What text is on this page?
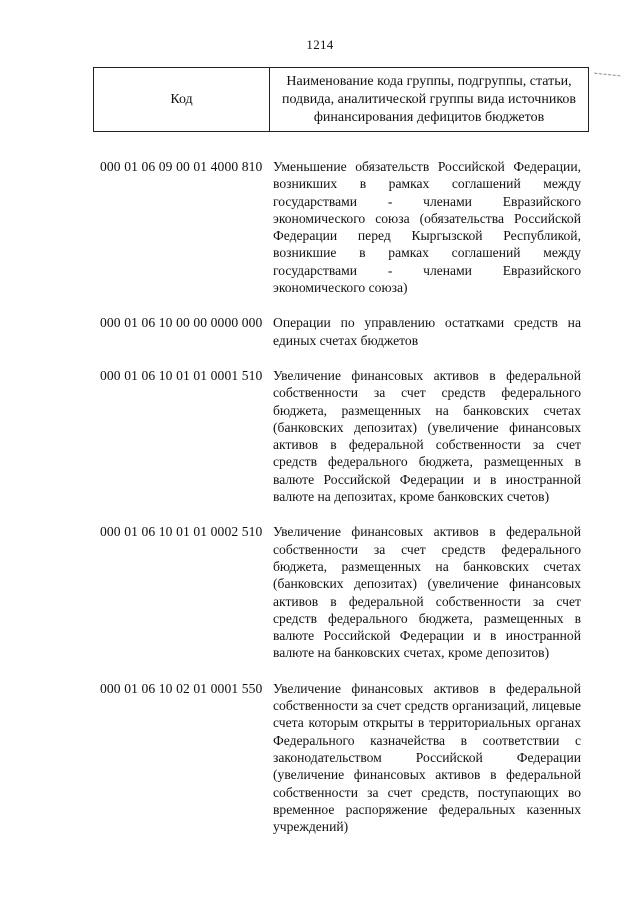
1214
Код	Наименование кода группы, подгруппы, статьи, подвида, аналитической группы вида источников финансирования дефицитов бюджетов
000 01 06 09 00 01 4000 810 Уменьшение обязательств Российской Федерации, возникших в рамках соглашений между государствами - членами Евразийского экономического союза (обязательства Российской Федерации перед Кыргызской Республикой, возникшие в рамках соглашений между государствами - членами Евразийского экономического союза)
000 01 06 10 00 00 0000 000 Операции по управлению остатками средств на единых счетах бюджетов
000 01 06 10 01 01 0001 510 Увеличение финансовых активов в федеральной собственности за счет средств федерального бюджета, размещенных на банковских счетах (банковских депозитах) (увеличение финансовых активов в федеральной собственности за счет средств федерального бюджета, размещенных в валюте Российской Федерации и в иностранной валюте на депозитах, кроме банковских счетов)
000 01 06 10 01 01 0002 510 Увеличение финансовых активов в федеральной собственности за счет средств федерального бюджета, размещенных на банковских счетах (банковских депозитах) (увеличение финансовых активов в федеральной собственности за счет средств федерального бюджета, размещенных в валюте Российской Федерации и в иностранной валюте на банковских счетах, кроме депозитов)
000 01 06 10 02 01 0001 550 Увеличение финансовых активов в федеральной собственности за счет средств организаций, лицевые счета которым открыты в территориальных органах Федерального казначейства в соответствии с законодательством Российской Федерации (увеличение финансовых активов в федеральной собственности за счет средств, поступающих во временное распоряжение федеральных казенных учреждений)
